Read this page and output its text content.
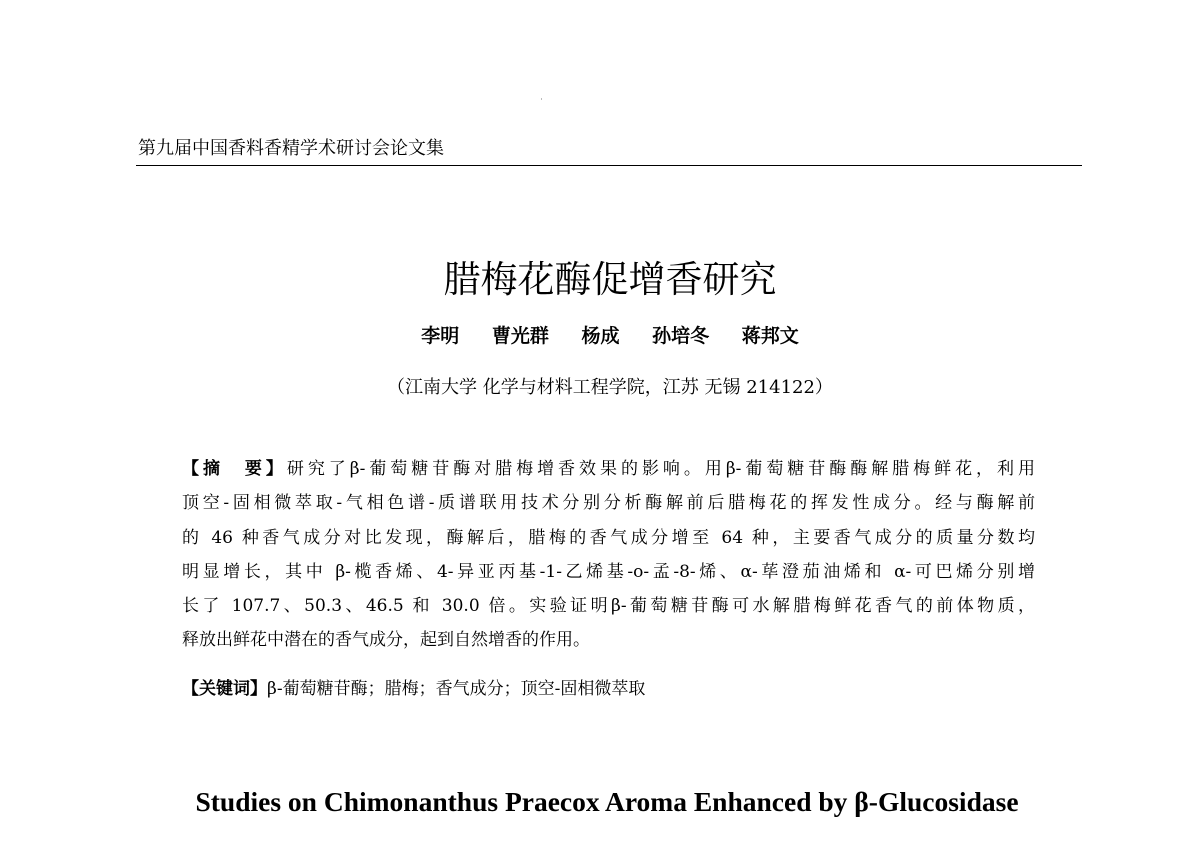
第九届中国香料香精学术研讨会论文集
腊梅花酶促增香研究
李明 曹光群 杨成 孙培冬 蒋邦文
（江南大学 化学与材料工程学院，江苏 无锡 214122）
【摘　要】研究了β-葡萄糖苷酶对腊梅增香效果的影响。用β-葡萄糖苷酶酶解腊梅鲜花，利用
顶空-固相微萃取-气相色谱-质谱联用技术分别分析酶解前后腊梅花的挥发性成分。经与酶解前
的 46 种香气成分对比发现，酶解后，腊梅的香气成分增至 64 种，主要香气成分的质量分数均
明显增长，其中 β-榄香烯、4-异亚丙基-1-乙烯基-o-孟-8-烯、α-荜澄茄油烯和 α-可巴烯分别增
长了 107.7、50.3、46.5 和 30.0 倍。实验证明β-葡萄糖苷酶可水解腊梅鲜花香气的前体物质，
释放出鲜花中潜在的香气成分，起到自然增香的作用。
【关键词】β-葡萄糖苷酶；腊梅；香气成分；顶空-固相微萃取
Studies on Chimonanthus Praecox Aroma Enhanced by β-Glucosidase
